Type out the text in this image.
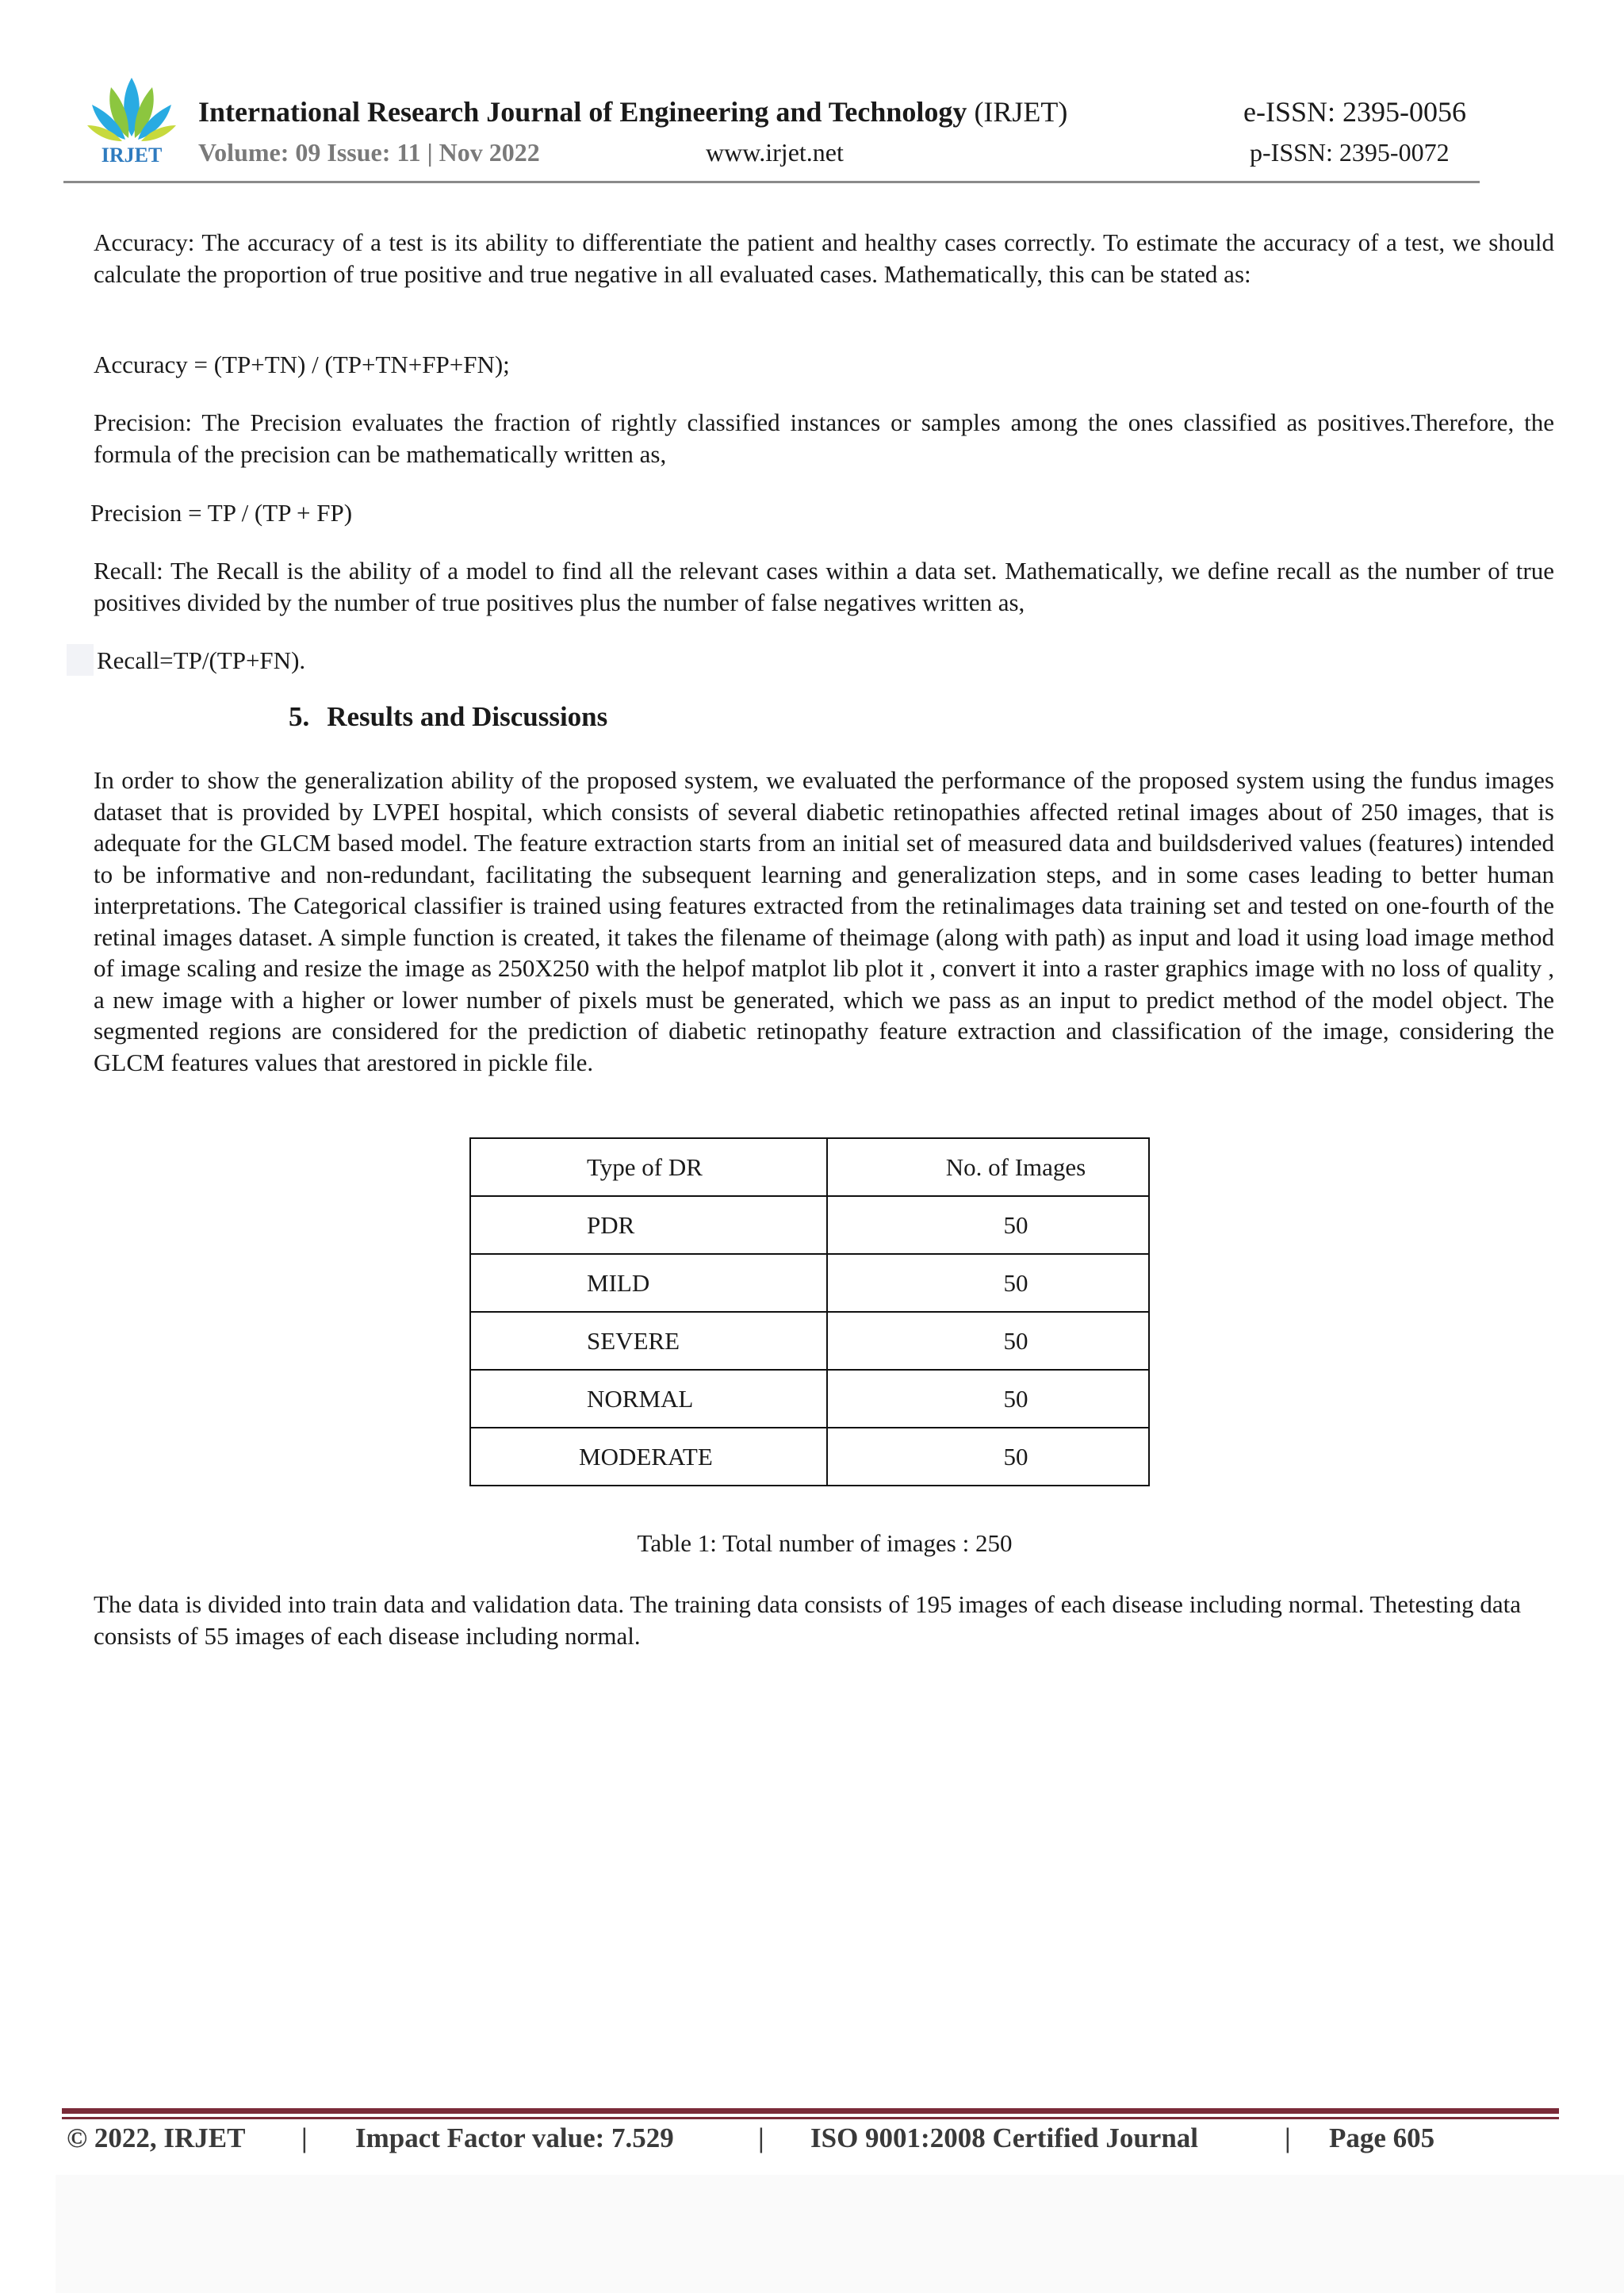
IRJET
International Research Journal of Engineering and Technology (IRJET)	e-ISSN: 2395-0056
Volume: 09 Issue: 11 | Nov 2022	www.irjet.net	p-ISSN: 2395-0072

Accuracy: The accuracy of a test is its ability to differentiate the patient and healthy cases correctly. To estimate the accuracy of a test, we should calculate the proportion of true positive and true negative in all evaluated cases. Mathematically, this can be stated as:

Accuracy = (TP+TN) / (TP+TN+FP+FN);

Precision: The Precision evaluates the fraction of rightly classified instances or samples among the ones classified as positives.Therefore, the formula of the precision can be mathematically written as,

Precision = TP / (TP + FP)

Recall: The Recall is the ability of a model to find all the relevant cases within a data set. Mathematically, we define recall as the number of true positives divided by the number of true positives plus the number of false negatives written as,

Recall=TP/(TP+FN).

5. Results and Discussions

In order to show the generalization ability of the proposed system, we evaluated the performance of the proposed system using the fundus images dataset that is provided by LVPEI hospital, which consists of several diabetic retinopathies affected retinal images about of 250 images, that is adequate for the GLCM based model. The feature extraction starts from an initial set of measured data and buildsderived values (features) intended to be informative and non-redundant, facilitating the subsequent learning and generalization steps, and in some cases leading to better human interpretations. The Categorical classifier is trained using features extracted from the retinalimages data training set and tested on one-fourth of the retinal images dataset. A simple function is created, it takes the filename of theimage (along with path) as input and load it using load image method of image scaling and resize the image as 250X250 with the helpof matplot lib plot it , convert it into a raster graphics image with no loss of quality , a new image with a higher or lower number of pixels must be generated, which we pass as an input to predict method of the model object. The segmented regions are considered for the prediction of diabetic retinopathy feature extraction and classification of the image, considering the GLCM features values that arestored in pickle file.

Type of DR	No. of Images
PDR	50
MILD	50
SEVERE	50
NORMAL	50
MODERATE	50

Table 1: Total number of images : 250

The data is divided into train data and validation data. The training data consists of 195 images of each disease including normal. Thetesting data consists of 55 images of each disease including normal.

© 2022, IRJET | Impact Factor value: 7.529	| ISO 9001:2008 Certified Journal	| Page 605
